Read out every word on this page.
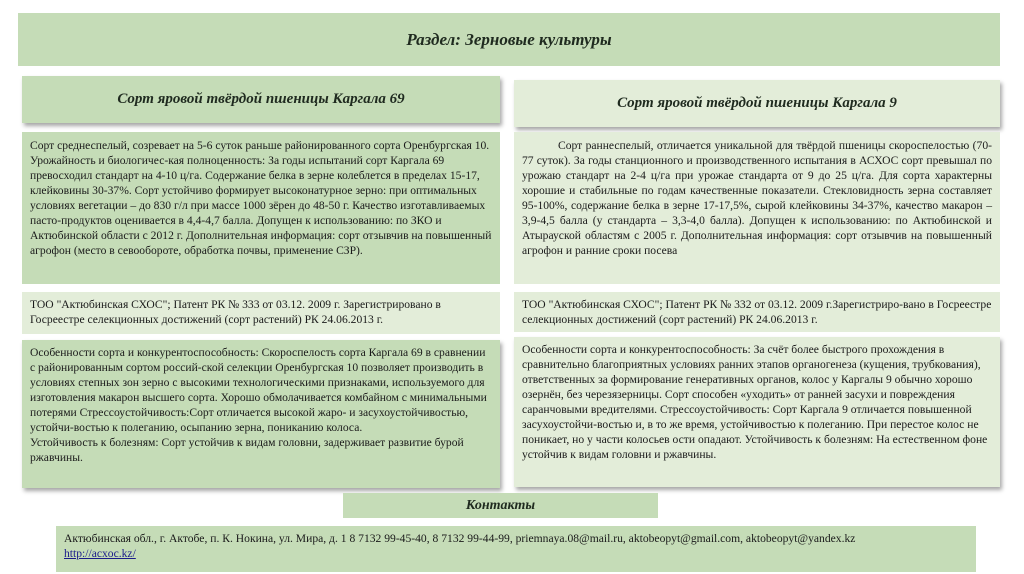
Раздел: Зерновые культуры
Сорт яровой твёрдой пшеницы Каргала 69
Сорт среднеспелый, созревает на 5-6 суток раньше районированного сорта Оренбургская 10. Урожайность и биологичес-кая полноценность: За годы испытаний сорт Каргала 69 превосходил стандарт на 4-10 ц/га. Содержание белка в зерне колеблется в пределах 15-17, клейковины 30-37%. Сорт устойчиво формирует высоконатурное зерно: при оптимальных условиях вегетации – до 830 г/л при массе 1000 зёрен до 48-50 г. Качество изготавливаемых пасто-продуктов оценивается в 4,4-4,7 балла. Допущен к использованию: по ЗКО и Актюбинской области с 2012 г. Дополнительная информация: сорт отзывчив на повышенный агрофон (место в севообороте, обработка почвы, применение СЗР).
ТОО "Актюбинская СХОС"; Патент РК № 333 от 03.12. 2009 г. Зарегистрировано в Госреестре селекционных достижений (сорт растений) РК 24.06.2013 г.
Особенности сорта и конкурентоспособность: Скороспелость сорта Каргала 69 в сравнении с районированным сортом россий-ской селекции Оренбургская 10 позволяет производить в условиях степных зон зерно с высокими технологическими признаками, используемого для изготовления макарон высшего сорта. Хорошо обмолачивается комбайном с минимальными потерями Стрессоустойчивость:Сорт отличается высокой жаро- и засухоустойчивостью, устойчи-востью к полеганию, осыпанию зерна, пониканию колоса.
Устойчивость к болезням: Сорт устойчив к видам головни, задерживает развитие бурой ржавчины.
Сорт яровой твёрдой пшеницы Каргала 9
Сорт раннеспелый, отличается уникальной для твёрдой пшеницы скороспелостью (70-77 суток). За годы станционного и производственного испытания в АСХОС сорт превышал по урожаю стандарт на 2-4 ц/га при урожае стандарта от 9 до 25 ц/га. Для сорта характерны хорошие и стабильные по годам качественные показатели. Стекловидность зерна составляет 95-100%, содержание белка в зерне 17-17,5%, сырой клейковины 34-37%, качество макарон – 3,9-4,5 балла (у стандарта – 3,3-4,0 балла). Допущен к использованию: по Актюбинской и Атырауской областям с 2005 г. Дополнительная информация: сорт отзывчив на повышенный агрофон и ранние сроки посева
ТОО "Актюбинская СХОС"; Патент РК № 332 от 03.12. 2009 г.Зарегистриро-вано в Госреестре селекционных достижений (сорт растений) РК 24.06.2013 г.
Особенности сорта и конкурентоспособность: За счёт более быстрого прохождения в сравнительно благоприятных условиях ранних этапов органогенеза (кущения, трубкования), ответственных за формирование генеративных органов, колос у Каргалы 9 обычно хорошо озернён, без черезязерницы. Сорт способен «уходить» от ранней засухи и повреждения саранчовыми вредителями. Стрессоустойчивость: Сорт Каргала 9 отличается повышенной засухоустойчи-востью и, в то же время, устойчивостью к полеганию. При перестое колос не поникает, но у части колосьев ости опадают. Устойчивость к болезням: На естественном фоне устойчив к видам головни и ржавчины.
Контакты
Актюбинская обл., г. Актобе, п. К. Нокина, ул. Мира, д. 1 8 7132 99-45-40, 8 7132 99-44-99, priemnaya.08@mail.ru, aktobeopyt@gmail.com, aktobeopyt@yandex.kz
http://acxoc.kz/
